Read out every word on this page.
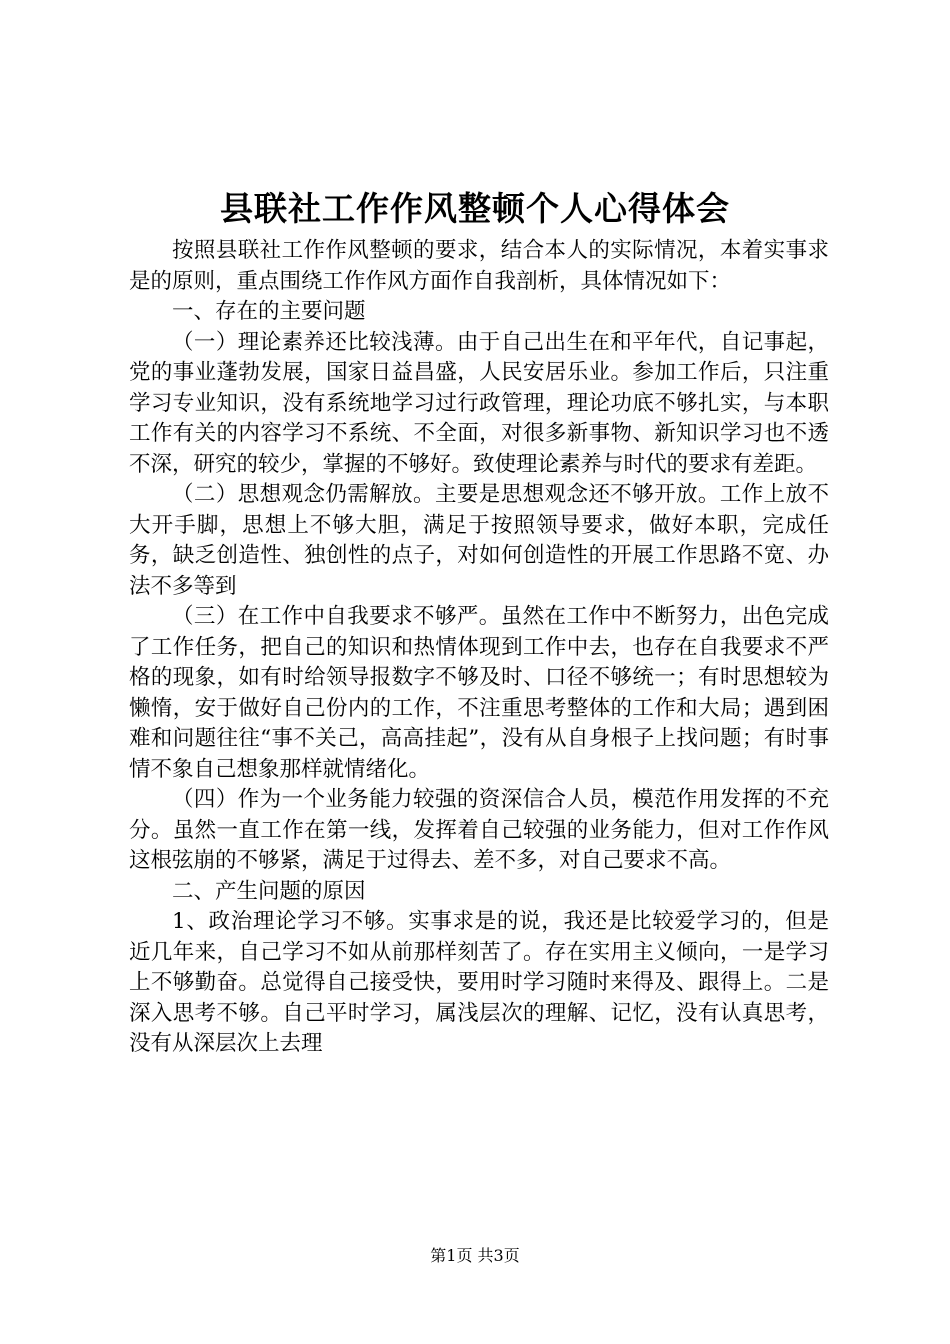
县联社工作作风整顿个人心得体会

按照县联社工作作风整顿的要求，结合本人的实际情况，本着实事求是的原则，重点围绕工作作风方面作自我剖析，具体情况如下：

一、存在的主要问题

（一）理论素养还比较浅薄。由于自己出生在和平年代，自记事起，党的事业蓬勃发展，国家日益昌盛，人民安居乐业。参加工作后，只注重学习专业知识，没有系统地学习过行政管理，理论功底不够扎实，与本职工作有关的内容学习不系统、不全面，对很多新事物、新知识学习也不透不深，研究的较少，掌握的不够好。致使理论素养与时代的要求有差距。

（二）思想观念仍需解放。主要是思想观念还不够开放。工作上放不大开手脚，思想上不够大胆，满足于按照领导要求，做好本职，完成任务，缺乏创造性、独创性的点子，对如何创造性的开展工作思路不宽、办法不多等到

（三）在工作中自我要求不够严。虽然在工作中不断努力，出色完成了工作任务，把自己的知识和热情体现到工作中去，也存在自我要求不严格的现象，如有时给领导报数字不够及时、口径不够统一；有时思想较为懒惰，安于做好自己份内的工作，不注重思考整体的工作和大局；遇到困难和问题往往“事不关己，高高挂起”，没有从自身根子上找问题；有时事情不象自己想象那样就情绪化。

（四）作为一个业务能力较强的资深信合人员，模范作用发挥的不充分。虽然一直工作在第一线，发挥着自己较强的业务能力，但对工作作风这根弦崩的不够紧，满足于过得去、差不多，对自己要求不高。

二、产生问题的原因

1、政治理论学习不够。实事求是的说，我还是比较爱学习的，但是近几年来，自己学习不如从前那样刻苦了。存在实用主义倾向，一是学习上不够勤奋。总觉得自己接受快，要用时学习随时来得及、跟得上。二是深入思考不够。自己平时学习，属浅层次的理解、记忆，没有认真思考，没有从深层次上去理

第1页 共3页
